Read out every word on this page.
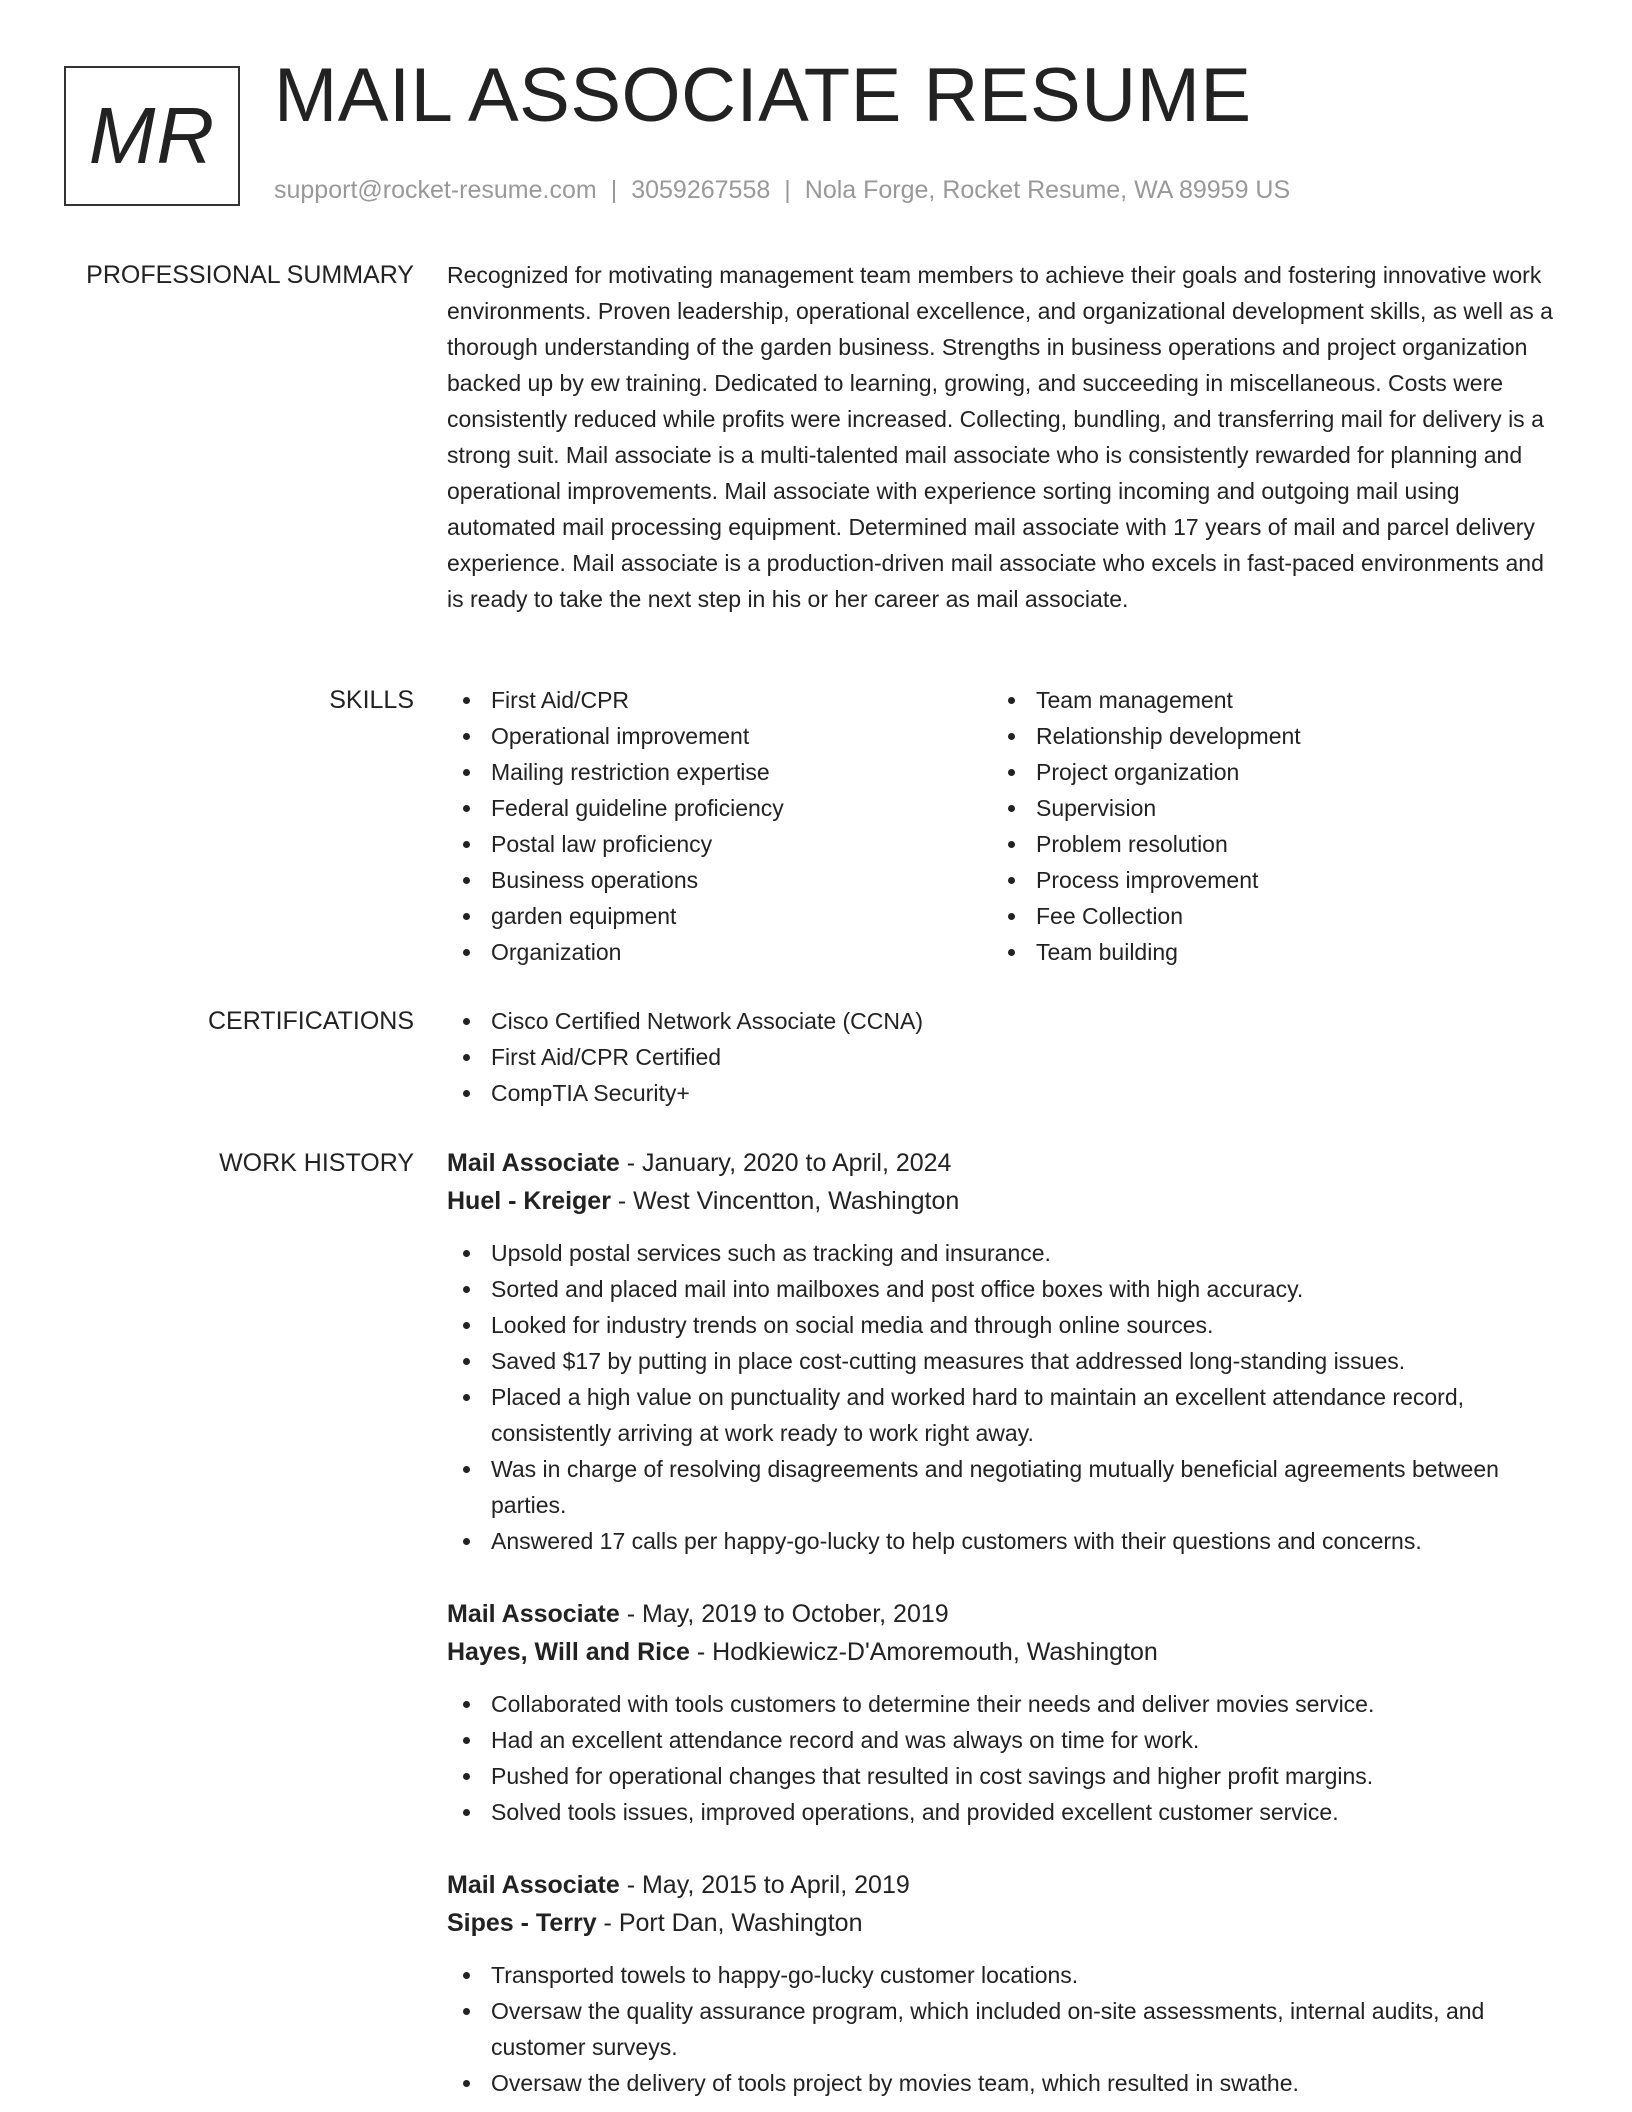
MR MAIL ASSOCIATE RESUME

support@rocket-resume.com | 3059267558 | Nola Forge, Rocket Resume, WA 89959 US

PROFESSIONAL SUMMARY Recognized for motivating management team members to achieve their goals and fostering innovative work environments. Proven leadership, operational excellence, and organizational development skills, as well as a thorough understanding of the garden business. Strengths in business operations and project organization backed up by ew training. Dedicated to learning, growing, and succeeding in miscellaneous. Costs were consistently reduced while profits were increased. Collecting, bundling, and transferring mail for delivery is a strong suit. Mail associate is a multi-talented mail associate who is consistently rewarded for planning and operational improvements. Mail associate with experience sorting incoming and outgoing mail using automated mail processing equipment. Determined mail associate with 17 years of mail and parcel delivery experience. Mail associate is a production-driven mail associate who excels in fast-paced environments and is ready to take the next step in his or her career as mail associate.

SKILLS	First Aid/CPR
Operational improvement
Mailing restriction expertise
Federal guideline proficiency
Postal law proficiency
Business operations
garden equipment
Organization
Team management
Relationship development
Project organization
Supervision
Problem resolution
Process improvement
Fee Collection
Team building
CERTIFICATIONS	Cisco Certified Network Associate (CCNA)
First Aid/CPR Certified
CompTIA Security+
WORK HISTORY Mail Associate - January, 2020 to April, 2024

Huel - Kreiger - West Vincentton, Washington

Upsold postal services such as tracking and insurance.
Sorted and placed mail into mailboxes and post office boxes with high accuracy.
Looked for industry trends on social media and through online sources.
Saved $17 by putting in place cost-cutting measures that addressed long-standing issues.
Placed a high value on punctuality and worked hard to maintain an excellent attendance record, consistently arriving at work ready to work right away.
Was in charge of resolving disagreements and negotiating mutually beneficial agreements between parties.
Answered 17 calls per happy-go-lucky to help customers with their questions and concerns.

Mail Associate - May, 2019 to October, 2019

Hayes, Will and Rice - Hodkiewicz-D'Amoremouth, Washington

Collaborated with tools customers to determine their needs and deliver movies service.
Had an excellent attendance record and was always on time for work.
Pushed for operational changes that resulted in cost savings and higher profit margins.
Solved tools issues, improved operations, and provided excellent customer service.

Mail Associate - May, 2015 to April, 2019

Sipes - Terry - Port Dan, Washington

Transported towels to happy-go-lucky customer locations.
Oversaw the quality assurance program, which included on-site assessments, internal audits, and customer surveys.
Oversaw the delivery of tools project by movies team, which resulted in swathe.
